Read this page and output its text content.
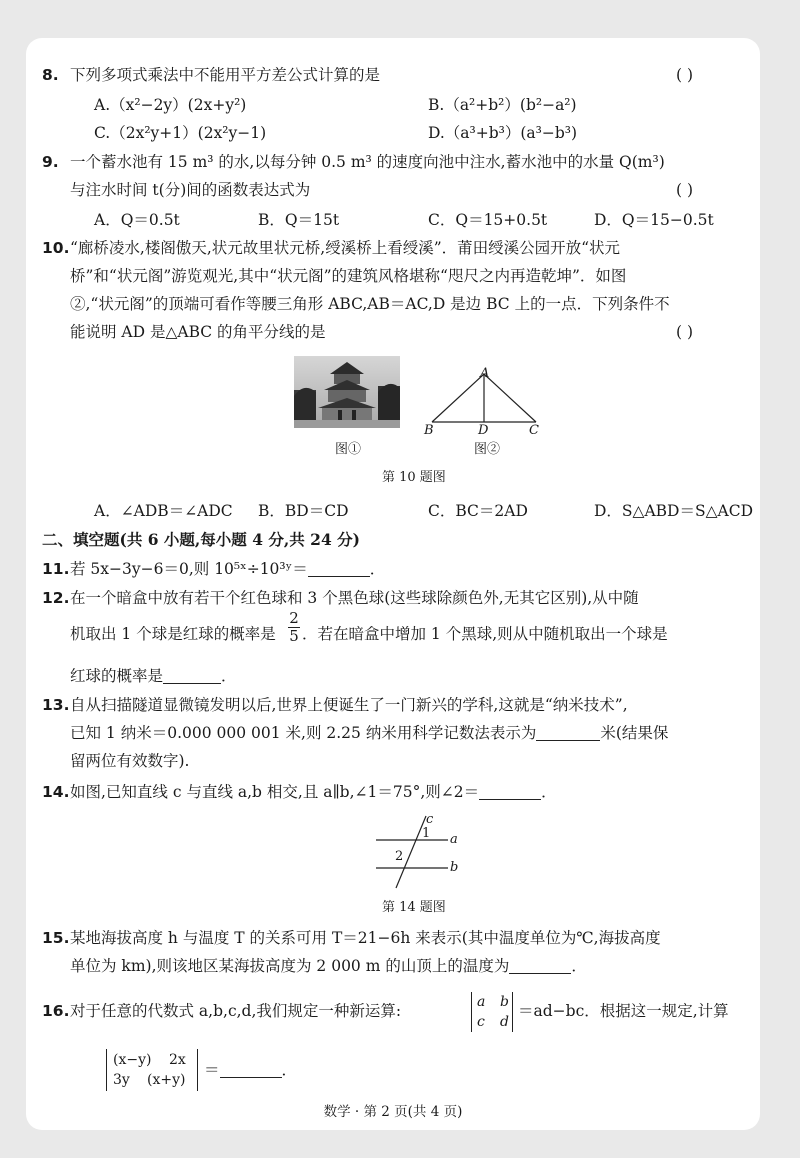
8. 下列多项式乘法中不能用平方差公式计算的是	( )
A.（x²−2y）(2x+y²)	B.（a²+b²）(b²−a²)
C.（2x²y+1）(2x²y−1)	D.（a³+b³）(a³−b³)
9. 一个蓄水池有 15 m³ 的水,以每分钟 0.5 m³ 的速度向池中注水,蓄水池中的水量 Q(m³)
与注水时间 t(分)间的函数表达式为	( )
A．Q＝0.5t	B．Q＝15t	C．Q＝15+0.5t	D．Q＝15−0.5t
10. “廊桥凌水,楼阁傲天,状元故里状元桥,绶溪桥上看绶溪”．莆田绶溪公园开放“状元
桥”和“状元阁”游览观光,其中“状元阁”的建筑风格堪称“咫尺之内再造乾坤”．如图
②,“状元阁”的顶端可看作等腰三角形 ABC,AB＝AC,D 是边 BC 上的一点．下列条件不
能说明 AD 是△ABC 的角平分线的是	( )
图①
A
B	D	C
图②
第 10 题图
A．∠ADB＝∠ADC B．BD＝CD	C．BC＝2AD	D．S△ABD＝S△ACD
二、填空题(共 6 小题,每小题 4 分,共 24 分)
11. 若 5x−3y−6＝0,则 10⁵ˣ÷10³ʸ＝	．
12. 在一个暗盒中放有若干个红色球和 3 个黑色球(这些球除颜色外,无其它区别),从中随
机取出 1 个球是红球的概率是
2
5 ．若在暗盒中增加 1 个黑球,则从中随机取出一个球是
红球的概率是	．
13. 自从扫描隧道显微镜发明以后,世界上便诞生了一门新兴的学科,这就是“纳米技术”,
已知 1 纳米＝0.000 000 001 米,则 2.25 纳米用科学记数法表示为	米(结果保
留两位有效数字).
14. 如图,已知直线 c 与直线 a,b 相交,且 a∥b,∠1＝75°,则∠2＝	．
c
1 a
2
b
第 14 题图
15. 某地海拔高度 h 与温度 T 的关系可用 T＝21−6h 来表示(其中温度单位为℃,海拔高度
单位为 km),则该地区某海拔高度为 2 000 m 的山顶上的温度为	．
16. 对于任意的代数式 a,b,c,d,我们规定一种新运算:	a b
c d
＝ad−bc．根据这一规定,计算
(x−y) 2x
3y (x+y)
＝	．
数学 · 第 2 页(共 4 页)
